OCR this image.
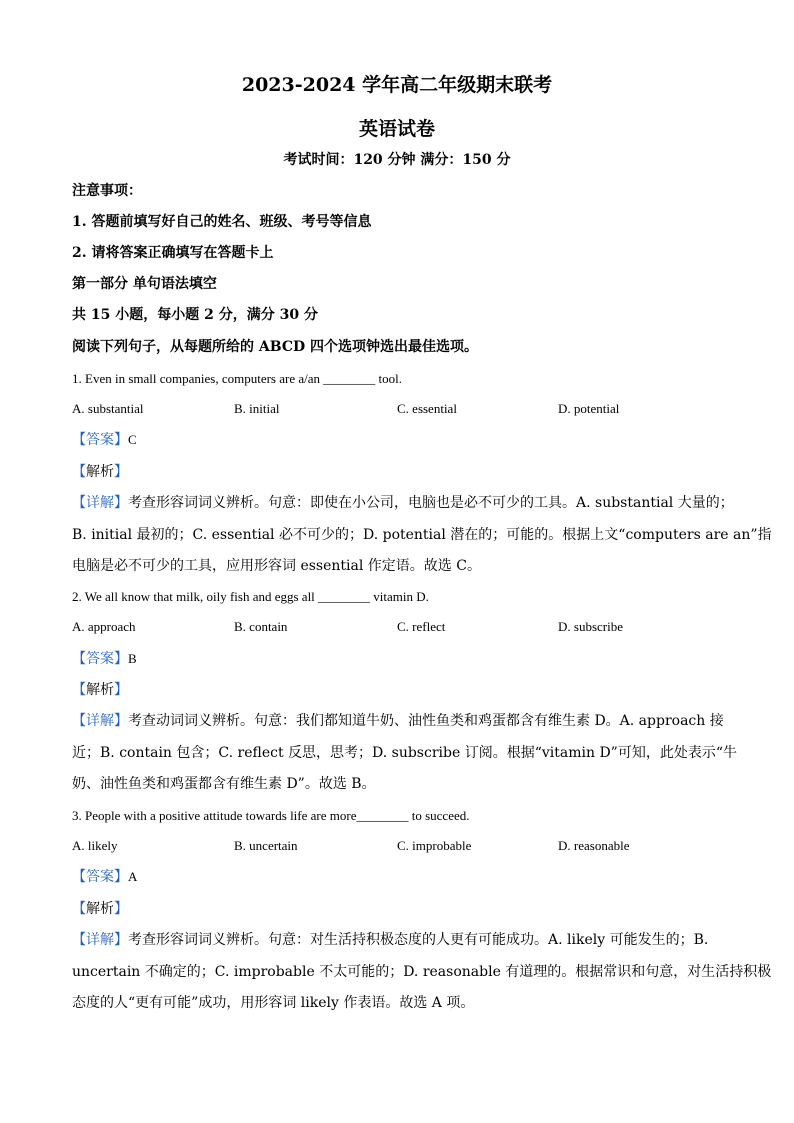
2023-2024 学年高二年级期末联考
英语试卷
考试时间：120 分钟 满分：150 分
注意事项：
1. 答题前填写好自己的姓名、班级、考号等信息
2. 请将答案正确填写在答题卡上
第一部分 单句语法填空
共 15 小题，每小题 2 分，满分 30 分
阅读下列句子，从每题所给的 ABCD 四个选项钟选出最佳选项。
1. Even in small companies, computers are a/an ________ tool.
A. substantial	B. initial	C. essential	D. potential
【答案】C
【解析】
【详解】考查形容词词义辨析。句意：即使在小公司，电脑也是必不可少的工具。A. substantial 大量的；
B. initial 最初的；C. essential 必不可少的；D. potential 潜在的；可能的。根据上文“computers are an”指
电脑是必不可少的工具，应用形容词 essential 作定语。故选 C。
2. We all know that milk, oily fish and eggs all ________ vitamin D.
A. approach	B. contain	C. reflect	D. subscribe
【答案】B
【解析】
【详解】考查动词词义辨析。句意：我们都知道牛奶、油性鱼类和鸡蛋都含有维生素 D。A. approach 接
近；B. contain 包含；C. reflect 反思，思考；D. subscribe 订阅。根据“vitamin D”可知，此处表示“牛
奶、油性鱼类和鸡蛋都含有维生素 D”。故选 B。
3. People with a positive attitude towards life are more________ to succeed.
A. likely	B. uncertain	C. improbable	D. reasonable
【答案】A
【解析】
【详解】考查形容词词义辨析。句意：对生活持积极态度的人更有可能成功。A. likely 可能发生的；B.
uncertain 不确定的；C. improbable 不太可能的；D. reasonable 有道理的。根据常识和句意，对生活持积极
态度的人“更有可能”成功，用形容词 likely 作表语。故选 A 项。
